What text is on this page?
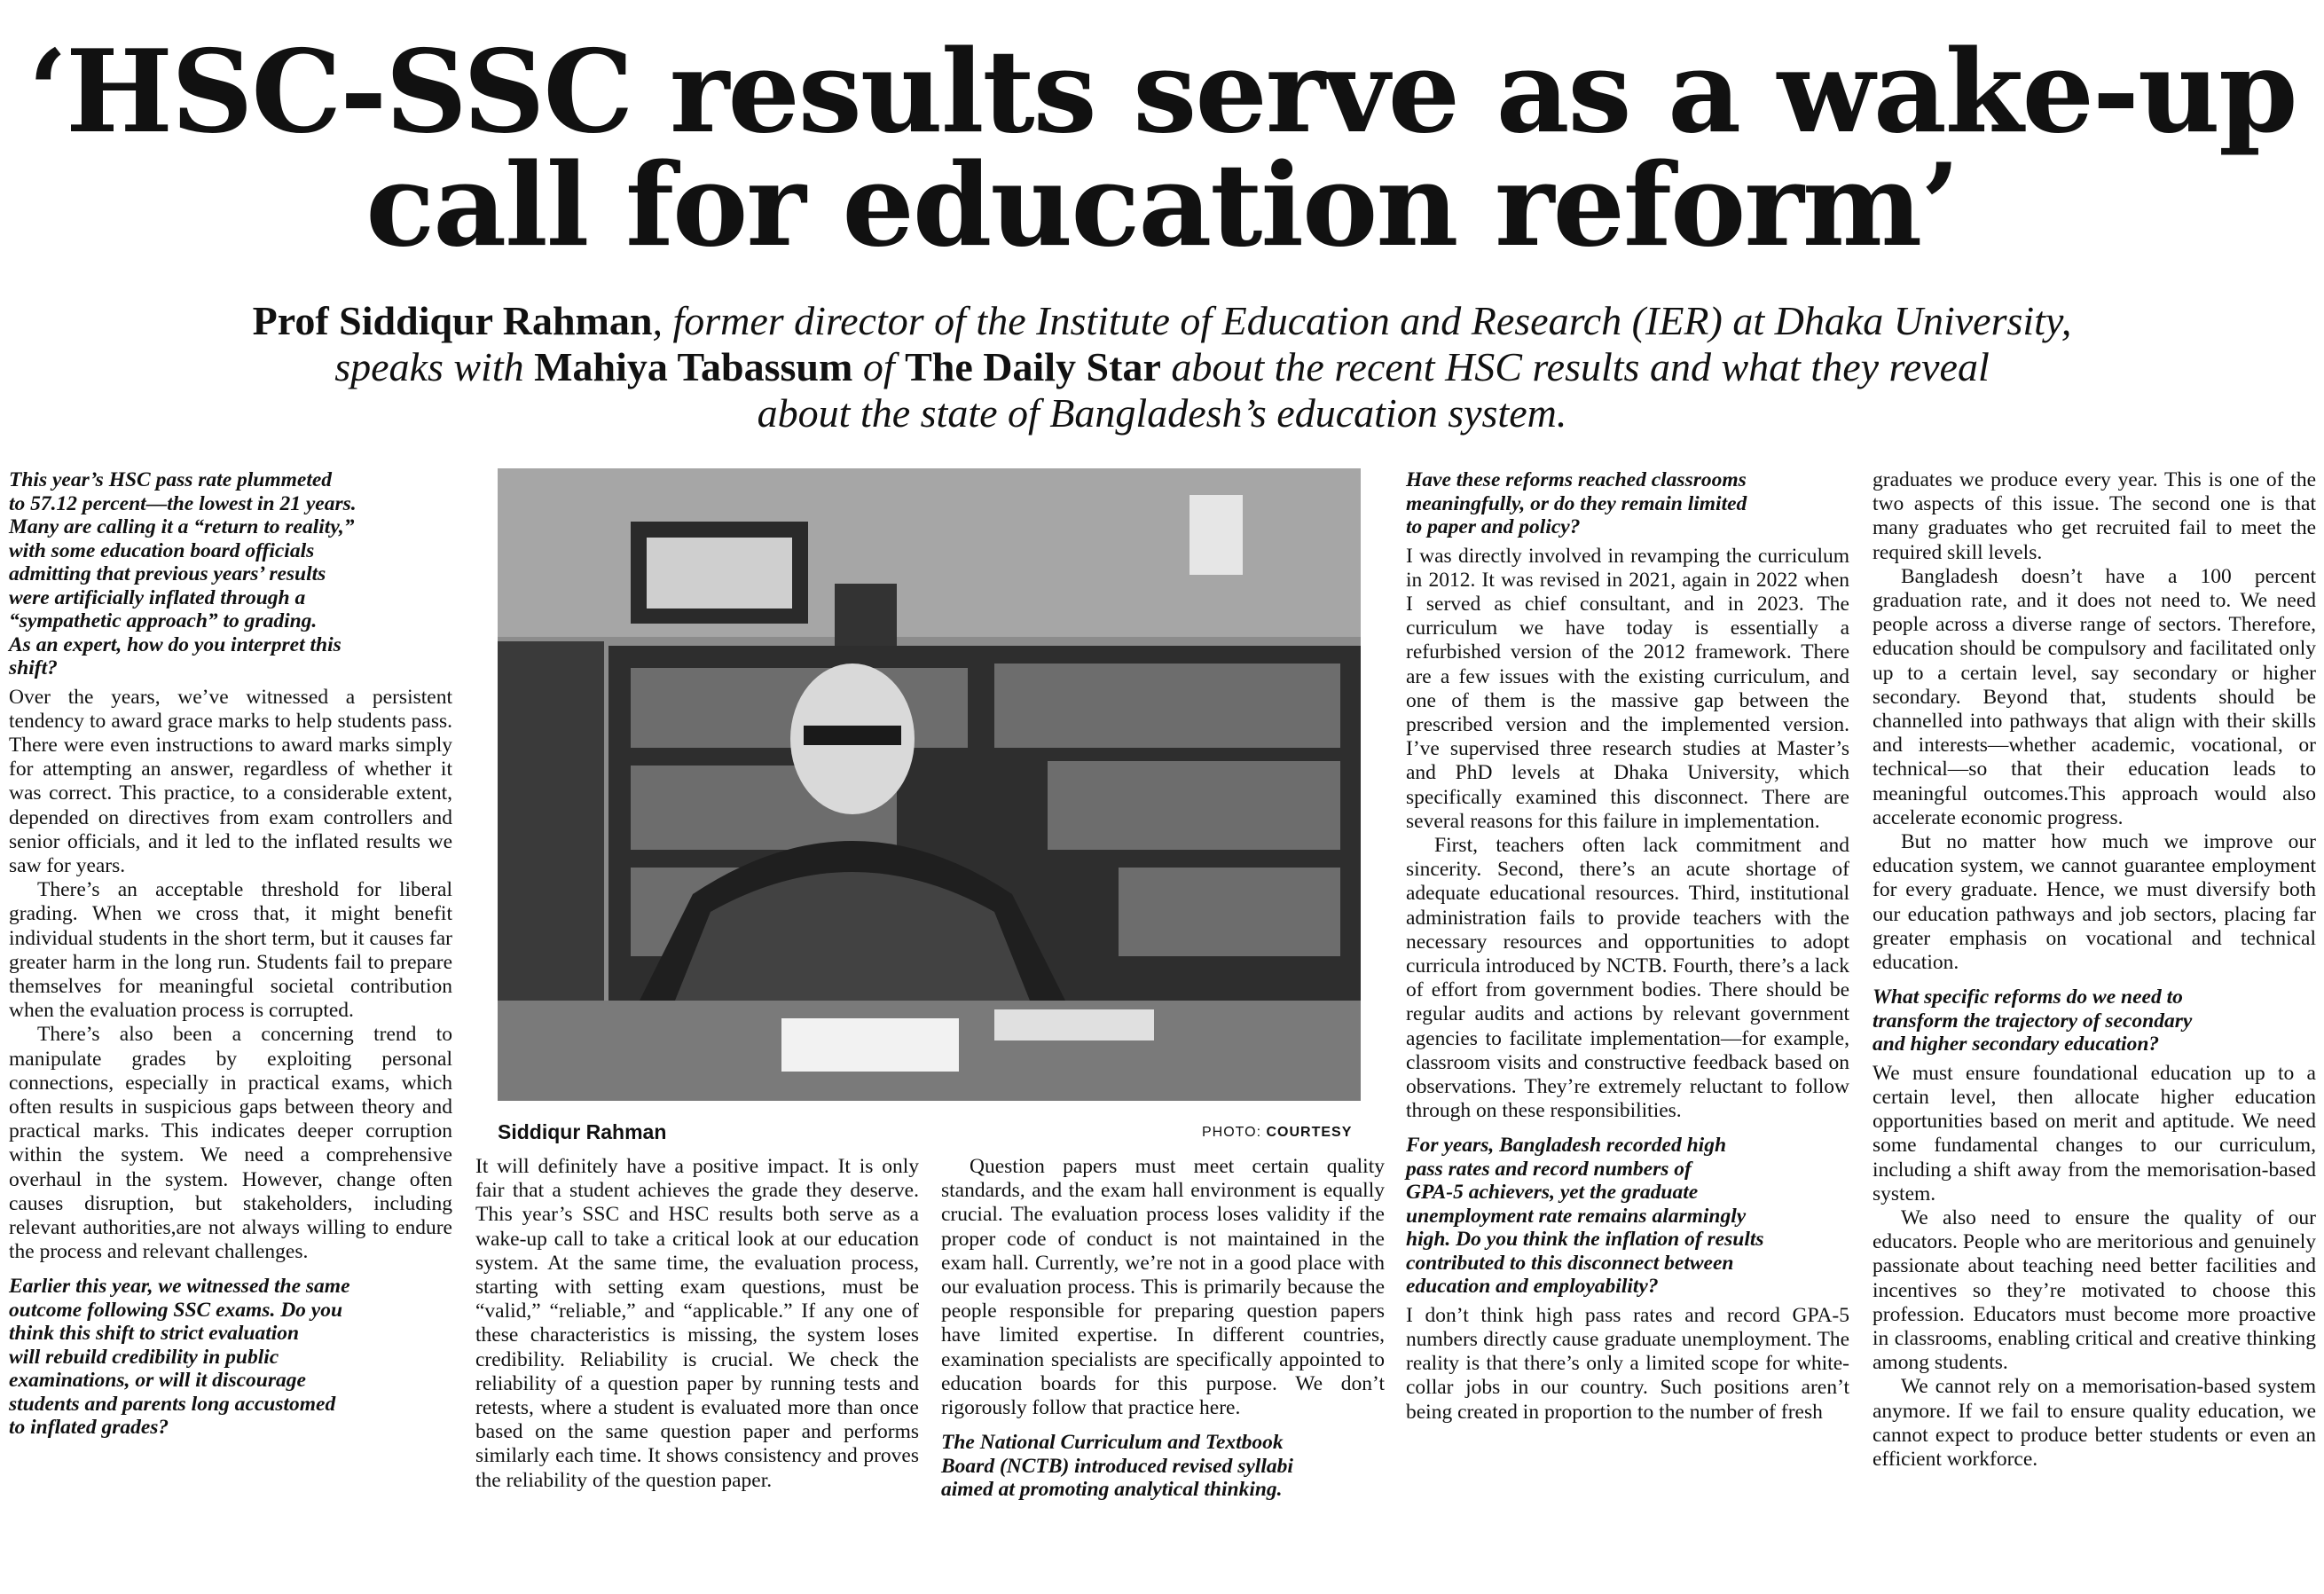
‘HSC-SSC results serve as a wake-up
call for education reform’
Prof Siddiqur Rahman, former director of the Institute of Education and Research (IER) at Dhaka University,
speaks with Mahiya Tabassum of The Daily Star about the recent HSC results and what they reveal
about the state of Bangladesh’s education system.
This year’s HSC pass rate plummeted
to 57.12 percent—the lowest in 21 years.
Many are calling it a “return to reality,”
with some education board officials
admitting that previous years’ results
were artificially inflated through a
“sympathetic approach” to grading.
As an expert, how do you interpret this
shift?

Over the years, we’ve witnessed a persistent tendency to award grace marks to help students pass. There were even instructions to award marks simply for attempting an answer, regardless of whether it was correct. This practice, to a considerable extent, depended on directives from exam controllers and senior officials, and it led to the inflated results we saw for years.

There’s an acceptable threshold for liberal grading. When we cross that, it might benefit individual students in the short term, but it causes far greater harm in the long run. Students fail to prepare themselves for meaningful societal contribution when the evaluation process is corrupted.

There’s also been a concerning trend to manipulate grades by exploiting personal connections, especially in practical exams, which often results in suspicious gaps between theory and practical marks. This indicates deeper corruption within the system. We need a comprehensive overhaul in the system. However, change often causes disruption, but stakeholders, including relevant authorities,are not always willing to endure the process and relevant challenges.

Earlier this year, we witnessed the same
outcome following SSC exams. Do you
think this shift to strict evaluation
will rebuild credibility in public
examinations, or will it discourage
students and parents long accustomed
to inflated grades?
Siddiqur Rahman	PHOTO: COURTESY

It will definitely have a positive impact. It is only fair that a student achieves the grade they deserve. This year’s SSC and HSC results both serve as a wake-up call to take a critical look at our education system. At the same time, the evaluation process, starting with setting exam questions, must be “valid,” “reliable,” and “applicable.” If any one of these characteristics is missing, the system loses credibility. Reliability is crucial. We check the reliability of a question paper by running tests and retests, where a student is evaluated more than once based on the same question paper and performs similarly each time. It shows consistency and proves the reliability of the question paper.

Question papers must meet certain quality standards, and the exam hall environment is equally crucial. The evaluation process loses validity if the proper code of conduct is not maintained in the exam hall. Currently, we’re not in a good place with our evaluation process. This is primarily because the people responsible for preparing question papers have limited expertise. In different countries, examination specialists are specifically appointed to education boards for this purpose. We don’t rigorously follow that practice here.

The National Curriculum and Textbook
Board (NCTB) introduced revised syllabi
aimed at promoting analytical thinking.
Have these reforms reached classrooms
meaningfully, or do they remain limited
to paper and policy?

I was directly involved in revamping the curriculum in 2012. It was revised in 2021, again in 2022 when I served as chief consultant, and in 2023. The curriculum we have today is essentially a refurbished version of the 2012 framework. There are a few issues with the existing curriculum, and one of them is the massive gap between the prescribed version and the implemented version. I’ve supervised three research studies at Master’s and PhD levels at Dhaka University, which specifically examined this disconnect. There are several reasons for this failure in implementation.

First, teachers often lack commitment and sincerity. Second, there’s an acute shortage of adequate educational resources. Third, institutional administration fails to provide teachers with the necessary resources and opportunities to adopt curricula introduced by NCTB. Fourth, there’s a lack of effort from government bodies. There should be regular audits and actions by relevant government agencies to facilitate implementation—for example, classroom visits and constructive feedback based on observations. They’re extremely reluctant to follow through on these responsibilities.

For years, Bangladesh recorded high
pass rates and record numbers of
GPA-5 achievers, yet the graduate
unemployment rate remains alarmingly
high. Do you think the inflation of results
contributed to this disconnect between
education and employability?

I don’t think high pass rates and record GPA-5 numbers directly cause graduate unemployment. The reality is that there’s only a limited scope for white-collar jobs in our country. Such positions aren’t being created in proportion to the number of fresh

graduates we produce every year. This is one of the two aspects of this issue. The second one is that many graduates who get recruited fail to meet the required skill levels.

Bangladesh doesn’t have a 100 percent graduation rate, and it does not need to. We need people across a diverse range of sectors. Therefore, education should be compulsory and facilitated only up to a certain level, say secondary or higher secondary. Beyond that, students should be channelled into pathways that align with their skills and interests—whether academic, vocational, or technical—so that their education leads to meaningful outcomes.This approach would also accelerate economic progress.

But no matter how much we improve our education system, we cannot guarantee employment for every graduate. Hence, we must diversify both our education pathways and job sectors, placing far greater emphasis on vocational and technical education.

What specific reforms do we need to
transform the trajectory of secondary
and higher secondary education?

We must ensure foundational education up to a certain level, then allocate higher education opportunities based on merit and aptitude. We need some fundamental changes to our curriculum, including a shift away from the memorisation-based system.

We also need to ensure the quality of our educators. People who are meritorious and genuinely passionate about teaching need better facilities and incentives so they’re motivated to choose this profession. Educators must become more proactive in classrooms, enabling critical and creative thinking among students.

We cannot rely on a memorisation-based system anymore. If we fail to ensure quality education, we cannot expect to produce better students or even an efficient workforce.
